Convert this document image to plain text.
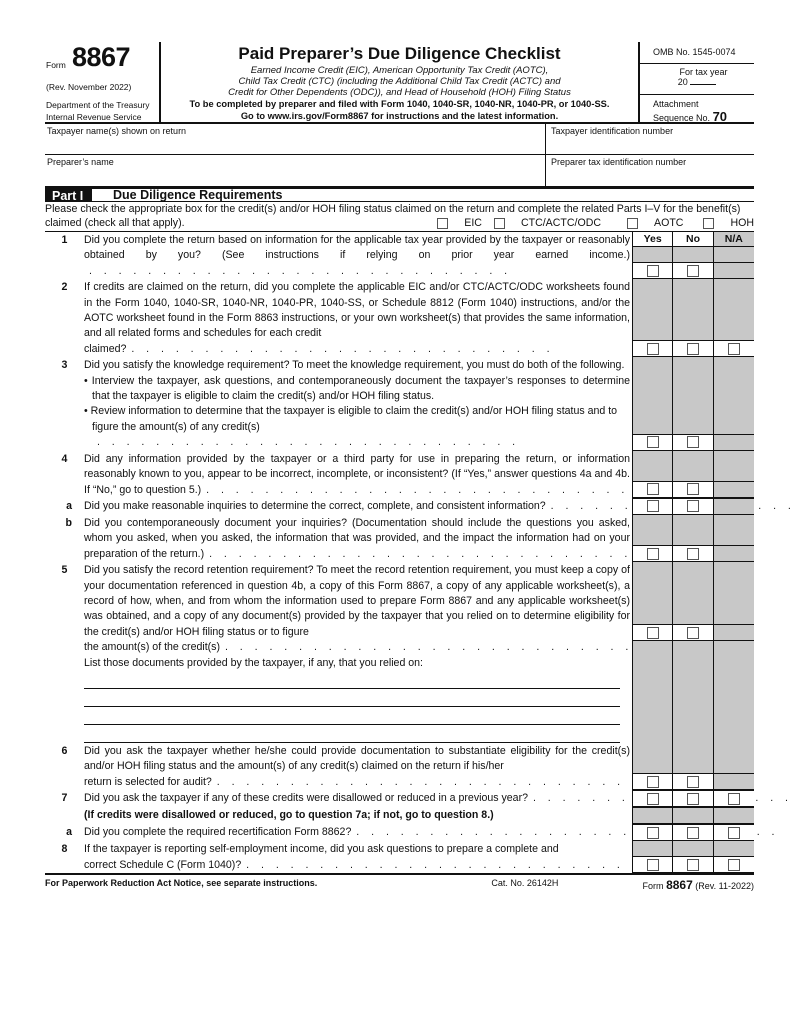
Form 8867
(Rev. November 2022)
Department of the Treasury
Internal Revenue Service
Paid Preparer’s Due Diligence Checklist
Earned Income Credit (EIC), American Opportunity Tax Credit (AOTC),
Child Tax Credit (CTC) (including the Additional Child Tax Credit (ACTC) and
Credit for Other Dependents (ODC)), and Head of Household (HOH) Filing Status
To be completed by preparer and filed with Form 1040, 1040-SR, 1040-NR, 1040-PR, or 1040-SS.
Go to www.irs.gov/Form8867 for instructions and the latest information.
OMB No. 1545-0074
For tax year
20
Attachment
Sequence No. 70
Taxpayer name(s) shown on return	Taxpayer identification number
Preparer’s name	Preparer tax identification number
Part I	Due Diligence Requirements
Please check the appropriate box for the credit(s) and/or HOH filing status claimed on the return and complete the related Parts I–V for the benefit(s) claimed (check all that apply).	EIC	CTC/ACTC/ODC	AOTC	HOH
1	Did you complete the return based on information for the applicable tax year provided by the taxpayer or reasonably obtained by you? (See instructions if relying on prior year earned income.) . .
Yes	No	N/A
2	If credits are claimed on the return, did you complete the applicable EIC and/or CTC/ACTC/ODC worksheets found in the Form 1040, 1040-SR, 1040-NR, 1040-PR, 1040-SS, or Schedule 8812 (Form 1040) instructions, and/or the AOTC worksheet found in the Form 8863 instructions, or your own worksheet(s) that provides the same information, and all related forms and schedules for each credit
claimed? . .
3	Did you satisfy the knowledge requirement? To meet the knowledge requirement, you must do both of the following.
• Interview the taxpayer, ask questions, and contemporaneously document the taxpayer’s responses to determine that the taxpayer is eligible to claim the credit(s) and/or HOH filing status.
• Review information to determine that the taxpayer is eligible to claim the credit(s) and/or HOH filing status and to figure the amount(s) of any credit(s) . .
4	Did any information provided by the taxpayer or a third party for use in preparing the return, or information reasonably known to you, appear to be incorrect, incomplete, or inconsistent? (If “Yes,” answer questions 4a and 4b. If “No,” go to question 5.) . .
a	Did you make reasonable inquiries to determine the correct, complete, and consistent information? . .
b	Did you contemporaneously document your inquiries? (Documentation should include the questions you asked, whom you asked, when you asked, the information that was provided, and the impact the information had on your preparation of the return.) . .
5	Did you satisfy the record retention requirement? To meet the record retention requirement, you must keep a copy of your documentation referenced in question 4b, a copy of this Form 8867, a copy of any applicable worksheet(s), a record of how, when, and from whom the information used to prepare Form 8867 and any applicable worksheet(s) was obtained, and a copy of any document(s) provided by the taxpayer that you relied on to determine eligibility for the credit(s) and/or HOH filing status or to figure
the amount(s) of the credit(s) . .
List those documents provided by the taxpayer, if any, that you relied on:
6	Did you ask the taxpayer whether he/she could provide documentation to substantiate eligibility for the credit(s) and/or HOH filing status and the amount(s) of any credit(s) claimed on the return if his/her
return is selected for audit? . .
7	Did you ask the taxpayer if any of these credits were disallowed or reduced in a previous year? . .
(If credits were disallowed or reduced, go to question 7a; if not, go to question 8.)
a	Did you complete the required recertification Form 8862? . .
8	If the taxpayer is reporting self-employment income, did you ask questions to prepare a complete and
correct Schedule C (Form 1040)? . .
For Paperwork Reduction Act Notice, see separate instructions.	Cat. No. 26142H	Form 8867 (Rev. 11-2022)
